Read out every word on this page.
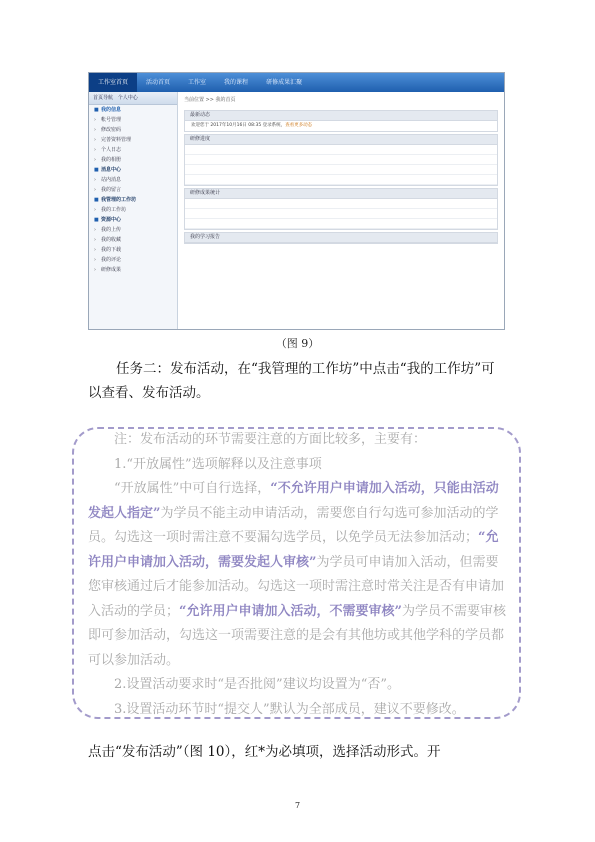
工作室首页	活动首页	工作室	我的课程	研修成果汇聚
首页导航 个人中心
■ 我的信息
› 帐号管理
› 修改密码
› 完善资料管理
› 个人日志
› 我的相册
■ 消息中心
› 站内消息
› 我的留言
■ 我管理的工作坊
› 我的工作坊
■ 资源中心
› 我的上传
› 我的收藏
› 我的下载
› 我的评论
› 研修成果
当前位置 >> 我的首页
最新动态
欢迎您于 2017年10月16日 08:35 登录系统， 查看更多动态
研修进度
研修成果统计
我的学习报告
（图 9）
任务二：发布活动，在“我管理的工作坊”中点击“我的工作坊”可以查看、发布活动。

注：发布活动的环节需要注意的方面比较多，主要有：

1.“开放属性”选项解释以及注意事项

“开放属性”中可自行选择，“不允许用户申请加入活动，只能由活动发起人指定”为学员不能主动申请活动，需要您自行勾选可参加活动的学员。勾选这一项时需注意不要漏勾选学员，以免学员无法参加活动；“允许用户申请加入活动，需要发起人审核”为学员可申请加入活动，但需要您审核通过后才能参加活动。勾选这一项时需注意时常关注是否有申请加入活动的学员；“允许用户申请加入活动，不需要审核”为学员不需要审核即可参加活动，勾选这一项需要注意的是会有其他坊或其他学科的学员都可以参加活动。

2.设置活动要求时“是否批阅”建议均设置为“否”。

3.设置活动环节时“提交人”默认为全部成员，建议不要修改。

点击“发布活动”（图 10），红*为必填项，选择活动形式。开
7
